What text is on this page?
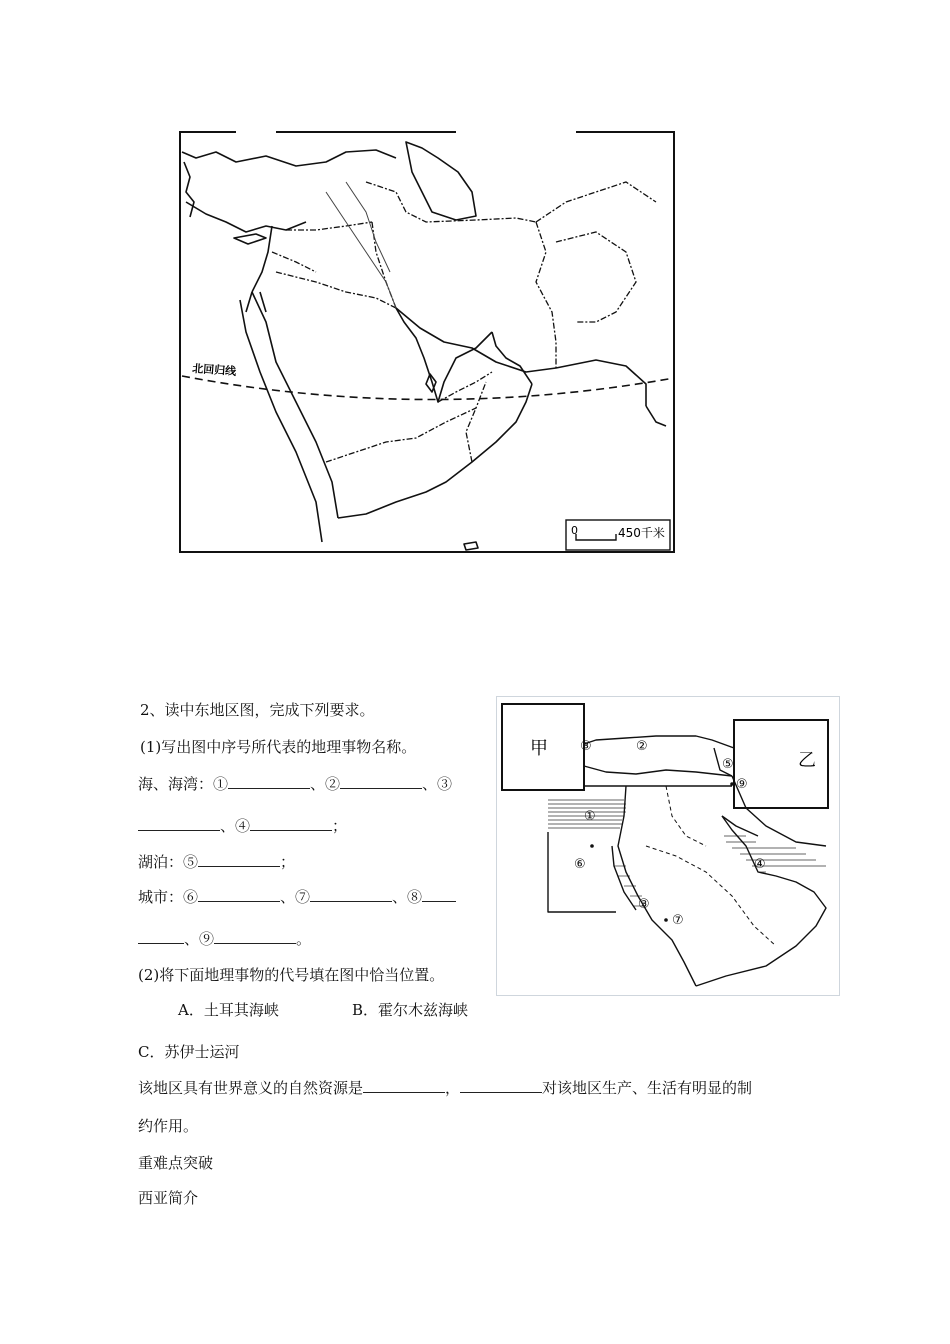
北回归线
0	450千米
甲
乙
⑧	②
⑤
⑨
①
⑥	④
③
⑦
2、读中东地区图，完成下列要求。
(1)写出图中序号所代表的地理事物名称。
海、海湾：①	、②	、③
、④	；
湖泊：⑤	；
城市：⑥	、⑦	、⑧
、⑨	。
(2)将下面地理事物的代号填在图中恰当位置。
A．土耳其海峡	B．霍尔木兹海峡
C．苏伊士运河
该地区具有世界意义的自然资源是	，	对该地区生产、生活有明显的制
约作用。
重难点突破
西亚简介
